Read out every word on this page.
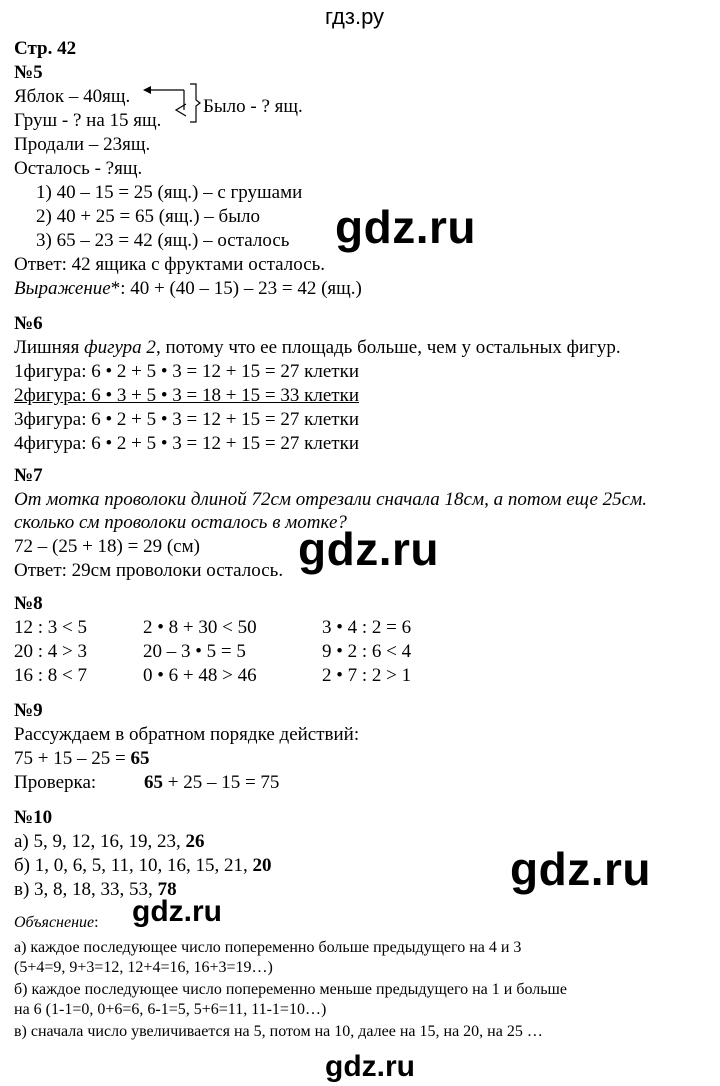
гдз.ру
gdz.ru
gdz.ru
gdz.ru
gdz.ru
gdz.ru
Стр. 42
№5
Яблок – 40ящ.
Груш - ? на 15 ящ.
Было - ? ящ.
Продали – 23ящ.
Осталось - ?ящ.
1) 40 – 15 = 25 (ящ.) – с грушами
2) 40 + 25 = 65 (ящ.) – было
3) 65 – 23 = 42 (ящ.) – осталось
Ответ: 42 ящика с фруктами осталось.
Выражение*: 40 + (40 – 15) – 23 = 42 (ящ.)
№6
Лишняя фигура 2, потому что ее площадь больше, чем у остальных фигур.
1фигура: 6 • 2 + 5 • 3 = 12 + 15 = 27 клетки
2фигура: 6 • 3 + 5 • 3 = 18 + 15 = 33 клетки
3фигура: 6 • 2 + 5 • 3 = 12 + 15 = 27 клетки
4фигура: 6 • 2 + 5 • 3 = 12 + 15 = 27 клетки
№7
От мотка проволоки длиной 72см отрезали сначала 18см, а потом еще 25см.
сколько см проволоки осталось в мотке?
72 – (25 + 18) = 29 (см)
Ответ: 29см проволоки осталось.
№8
12 : 3 < 5
20 : 4 > 3
16 : 8 < 7
2 • 8 + 30 < 50
20 – 3 • 5 = 5
0 • 6 + 48 > 46
3 • 4 : 2 = 6
9 • 2 : 6 < 4
2 • 7 : 2 > 1
№9
Рассуждаем в обратном порядке действий:
75 + 15 – 25 = 65
Проверка:	65 + 25 – 15 = 75
№10
а) 5, 9, 12, 16, 19, 23, 26
б) 1, 0, 6, 5, 11, 10, 16, 15, 21, 20
в) 3, 8, 18, 33, 53, 78
Объяснение:
а) каждое последующее число попеременно больше предыдущего на 4 и 3
(5+4=9, 9+3=12, 12+4=16, 16+3=19…)
б) каждое последующее число попеременно меньше предыдущего на 1 и больше
на 6 (1-1=0, 0+6=6, 6-1=5, 5+6=11, 11-1=10…)
в) сначала число увеличивается на 5, потом на 10, далее на 15, на 20, на 25 …
